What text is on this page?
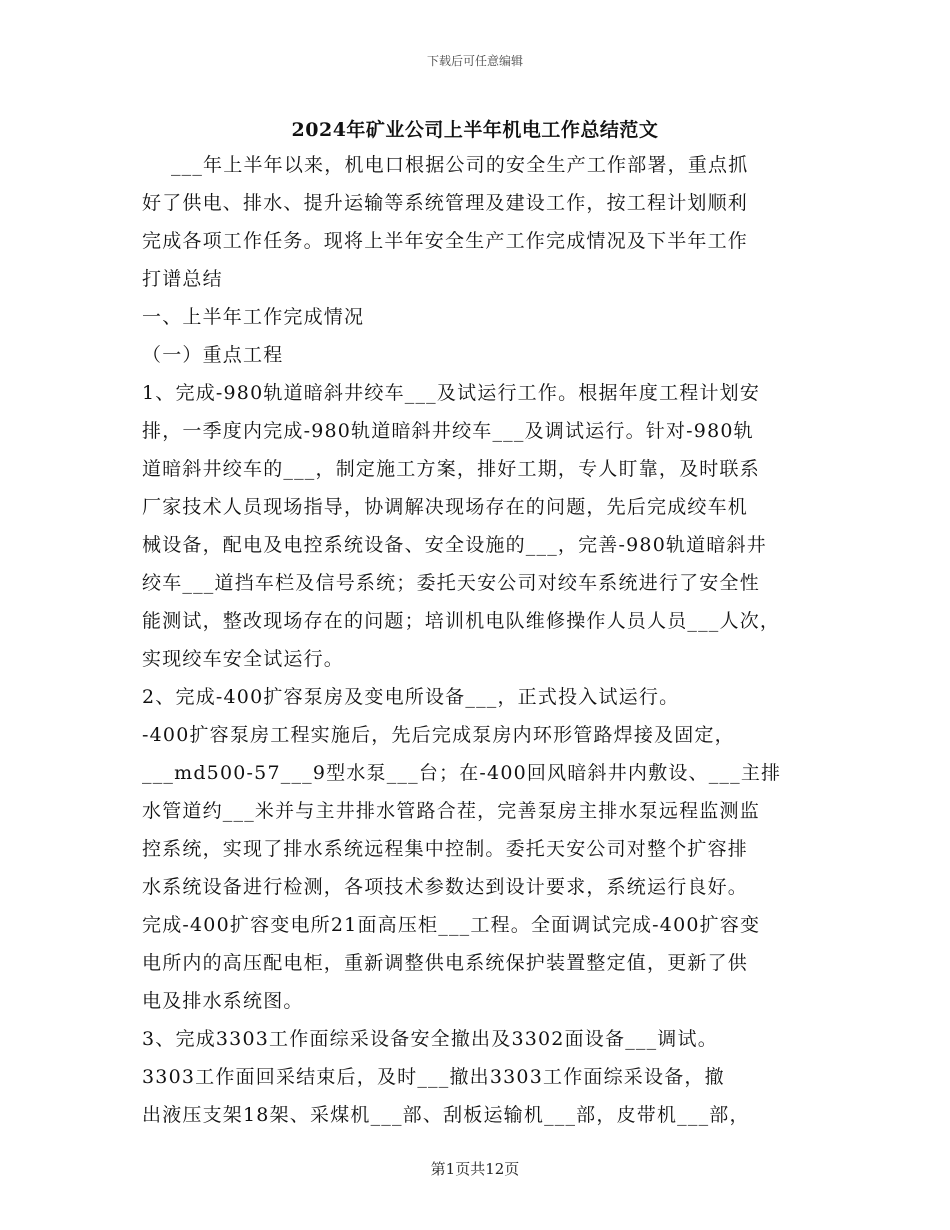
下载后可任意编辑
2024年矿业公司上半年机电工作总结范文
___年上半年以来，机电口根据公司的安全生产工作部署，重点抓
好了供电、排水、提升运输等系统管理及建设工作，按工程计划顺利
完成各项工作任务。现将上半年安全生产工作完成情况及下半年工作
打谱总结
一、上半年工作完成情况
（一）重点工程
1、完成-980轨道暗斜井绞车___及试运行工作。根据年度工程计划安
排，一季度内完成-980轨道暗斜井绞车___及调试运行。针对-980轨
道暗斜井绞车的___，制定施工方案，排好工期，专人盯靠，及时联系
厂家技术人员现场指导，协调解决现场存在的问题，先后完成绞车机
械设备，配电及电控系统设备、安全设施的___，完善-980轨道暗斜井
绞车___道挡车栏及信号系统；委托天安公司对绞车系统进行了安全性
能测试，整改现场存在的问题；培训机电队维修操作人员人员___人次，
实现绞车安全试运行。
2、完成-400扩容泵房及变电所设备___，正式投入试运行。
-400扩容泵房工程实施后，先后完成泵房内环形管路焊接及固定，
___md500-57___9型水泵___台；在-400回风暗斜井内敷设、___主排
水管道约___米并与主井排水管路合茬，完善泵房主排水泵远程监测监
控系统，实现了排水系统远程集中控制。委托天安公司对整个扩容排
水系统设备进行检测，各项技术参数达到设计要求，系统运行良好。
完成-400扩容变电所21面高压柜___工程。全面调试完成-400扩容变
电所内的高压配电柜，重新调整供电系统保护装置整定值，更新了供
电及排水系统图。
3、完成3303工作面综采设备安全撤出及3302面设备___调试。
3303工作面回采结束后，及时___撤出3303工作面综采设备，撤
出液压支架18架、采煤机___部、刮板运输机___部，皮带机___部，
第1页共12页
